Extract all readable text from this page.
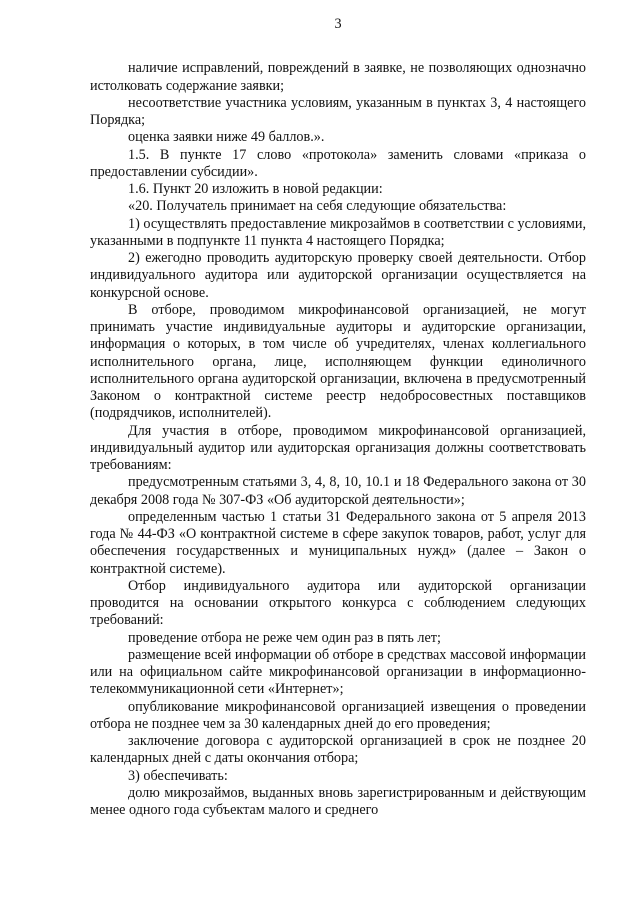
3

наличие исправлений, повреждений в заявке, не позволяющих однозначно истолковать содержание заявки;

несоответствие участника условиям, указанным в пунктах 3, 4 настоящего Порядка;

оценка заявки ниже 49 баллов.».

1.5. В пункте 17 слово «протокола» заменить словами «приказа о предоставлении субсидии».

1.6. Пункт 20 изложить в новой редакции:

«20. Получатель принимает на себя следующие обязательства:

1) осуществлять предоставление микрозаймов в соответствии с условиями, указанными в подпункте 11 пункта 4 настоящего Порядка;

2) ежегодно проводить аудиторскую проверку своей деятельности. Отбор индивидуального аудитора или аудиторской организации осуществляется на конкурсной основе.

В отборе, проводимом микрофинансовой организацией, не могут принимать участие индивидуальные аудиторы и аудиторские организации, информация о которых, в том числе об учредителях, членах коллегиального исполнительного органа, лице, исполняющем функции единоличного исполнительного органа аудиторской организации, включена в предусмотренный Законом о контрактной системе реестр недобросовестных поставщиков (подрядчиков, исполнителей).

Для участия в отборе, проводимом микрофинансовой организацией, индивидуальный аудитор или аудиторская организация должны соответствовать требованиям:

предусмотренным статьями 3, 4, 8, 10, 10.1 и 18 Федерального закона от 30 декабря 2008 года № 307-ФЗ «Об аудиторской деятельности»;

определенным частью 1 статьи 31 Федерального закона от 5 апреля 2013 года № 44-ФЗ «О контрактной системе в сфере закупок товаров, работ, услуг для обеспечения государственных и муниципальных нужд» (далее – Закон о контрактной системе).

Отбор индивидуального аудитора или аудиторской организации проводится на основании открытого конкурса с соблюдением следующих требований:

проведение отбора не реже чем один раз в пять лет;

размещение всей информации об отборе в средствах массовой информации или на официальном сайте микрофинансовой организации в информационно-телекоммуникационной сети «Интернет»;

опубликование микрофинансовой организацией извещения о проведении отбора не позднее чем за 30 календарных дней до его проведения;

заключение договора с аудиторской организацией в срок не позднее 20 календарных дней с даты окончания отбора;

3) обеспечивать:

долю микрозаймов, выданных вновь зарегистрированным и действующим менее одного года субъектам малого и среднего
